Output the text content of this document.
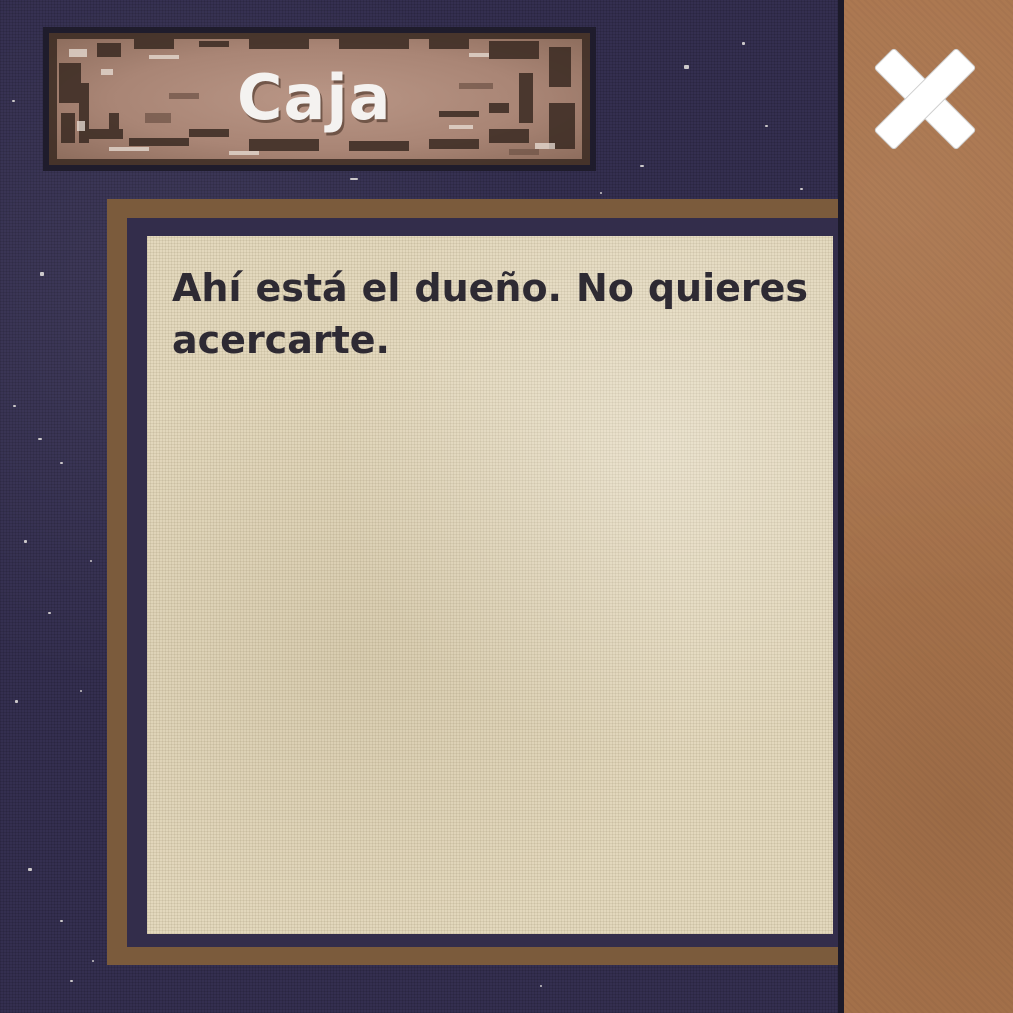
Caja
Ahí está el dueño. No quieres acercarte.
